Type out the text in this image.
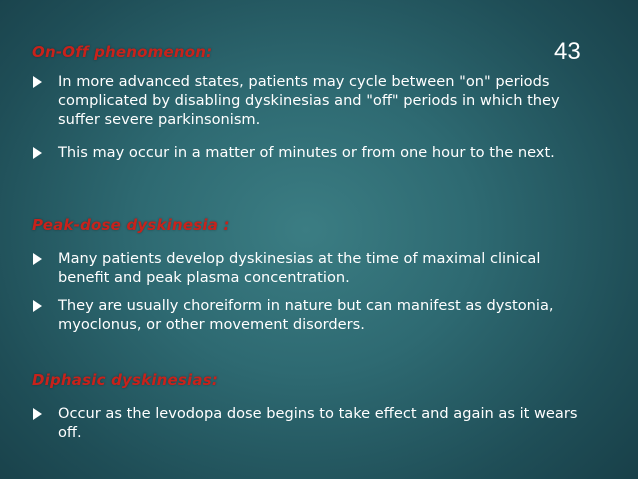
43
On-Off phenomenon:
In more advanced states, patients may cycle between "on" periods complicated by disabling dyskinesias and "off" periods in which they suffer severe parkinsonism.
This may occur in a matter of minutes or from one hour to the next.
Peak-dose dyskinesia :
Many patients develop dyskinesias at the time of maximal clinical benefit and peak plasma concentration.
They are usually choreiform in nature but can manifest as dystonia, myoclonus, or other movement disorders.
Diphasic dyskinesias:
Occur as the levodopa dose begins to take effect and again as it wears off.
